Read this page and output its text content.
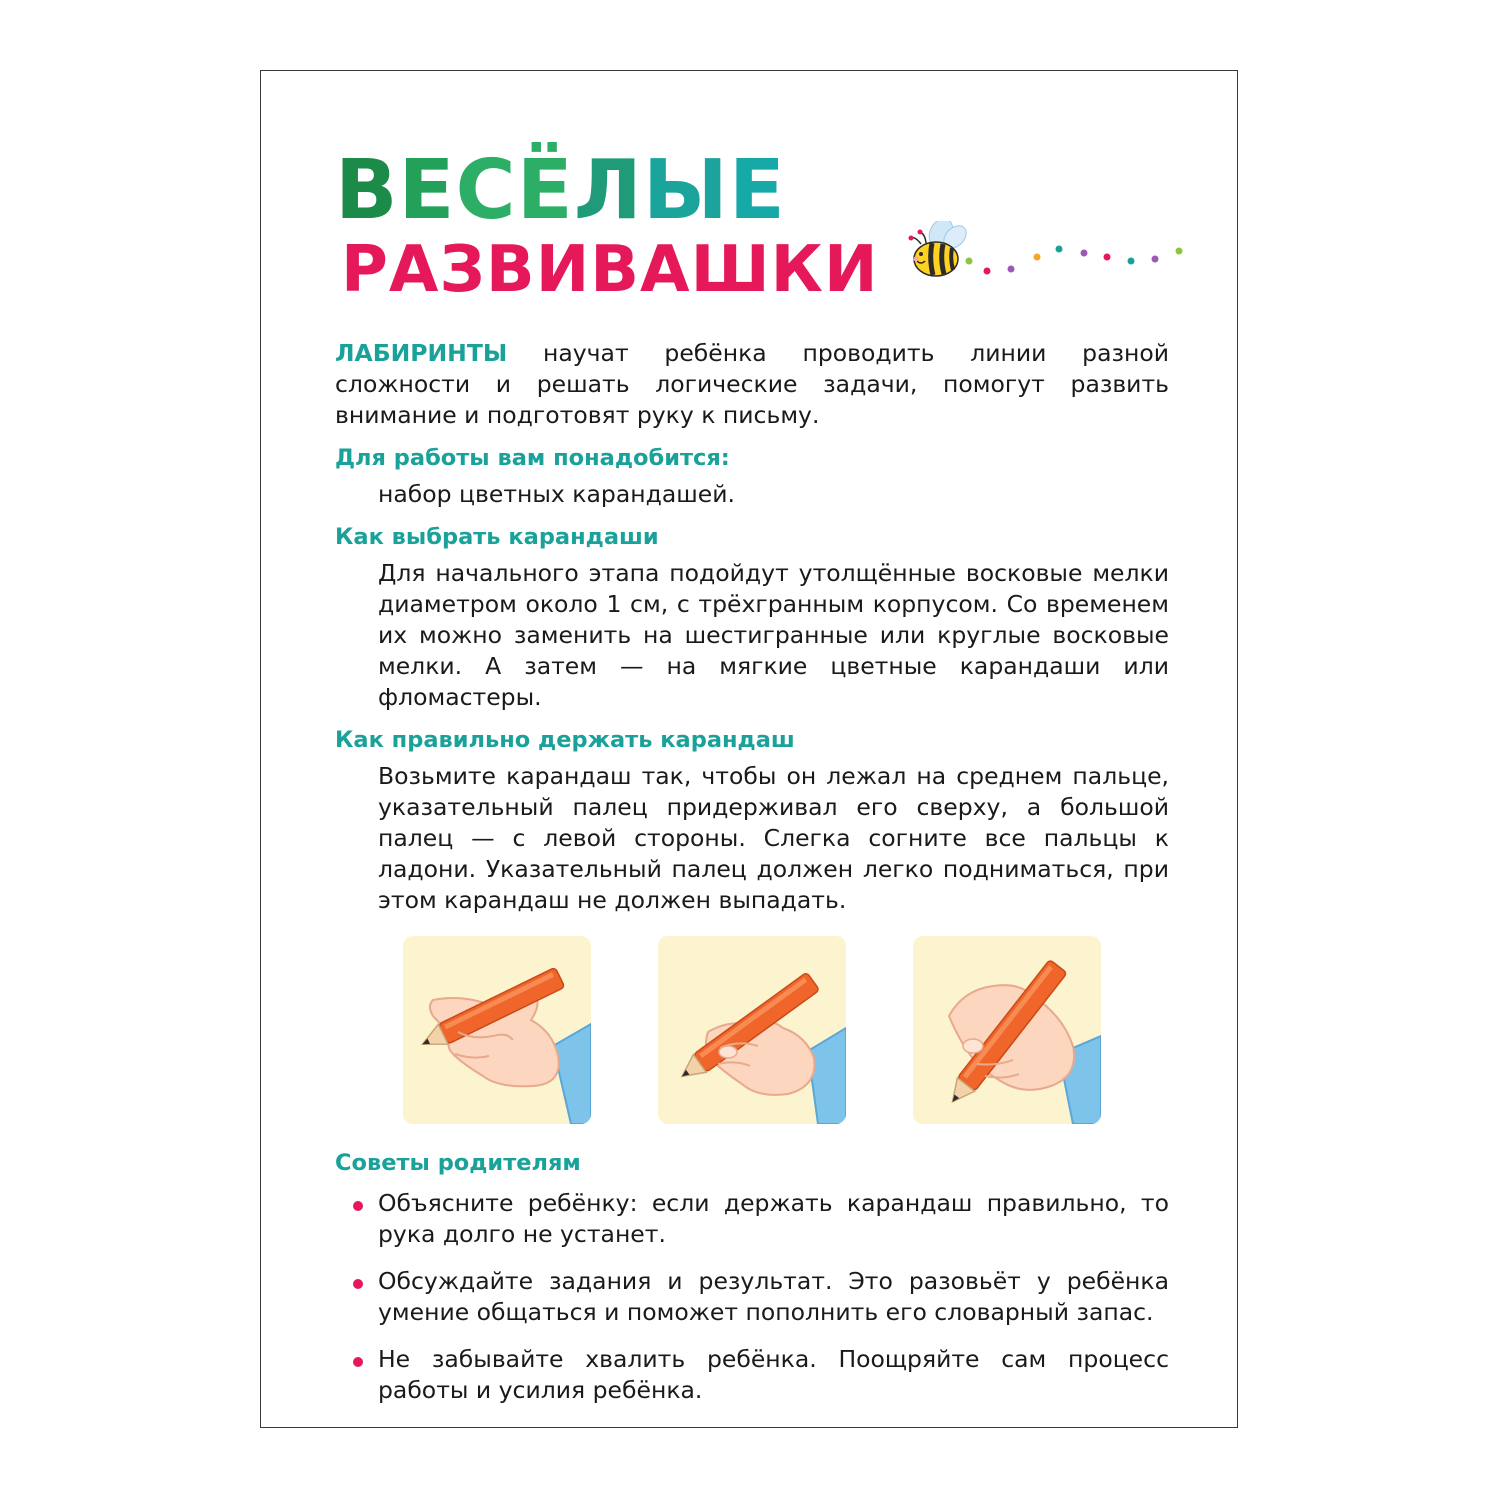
В Е С Ё Л Ы Е
РАЗВИВАШКИ

ЛАБИРИНТЫ научат ребёнка проводить линии разной сложности и решать логические задачи, помогут развить внимание и подготовят руку к письму.

Для работы вам понадобится:

набор цветных карандашей.

Как выбрать карандаши

Для начального этапа подойдут утолщённые восковые мелки диаметром около 1 см, с трёхгранным корпусом. Со временем их можно заменить на шестигранные или круглые восковые мелки. А затем — на мягкие цветные карандаши или фломастеры.

Как правильно держать карандаш

Возьмите карандаш так, чтобы он лежал на среднем пальце, указательный палец придерживал его сверху, а большой палец — с левой стороны. Слегка согните все пальцы к ладони. Указательный палец должен легко подниматься, при этом карандаш не должен выпадать.

Советы родителям
Объясните ребёнку: если держать карандаш правильно, то рука долго не устанет.
Обсуждайте задания и результат. Это разовьёт у ребёнка умение общаться и поможет пополнить его словарный запас.
Не забывайте хвалить ребёнка. Поощряйте сам процесс работы и усилия ребёнка.
